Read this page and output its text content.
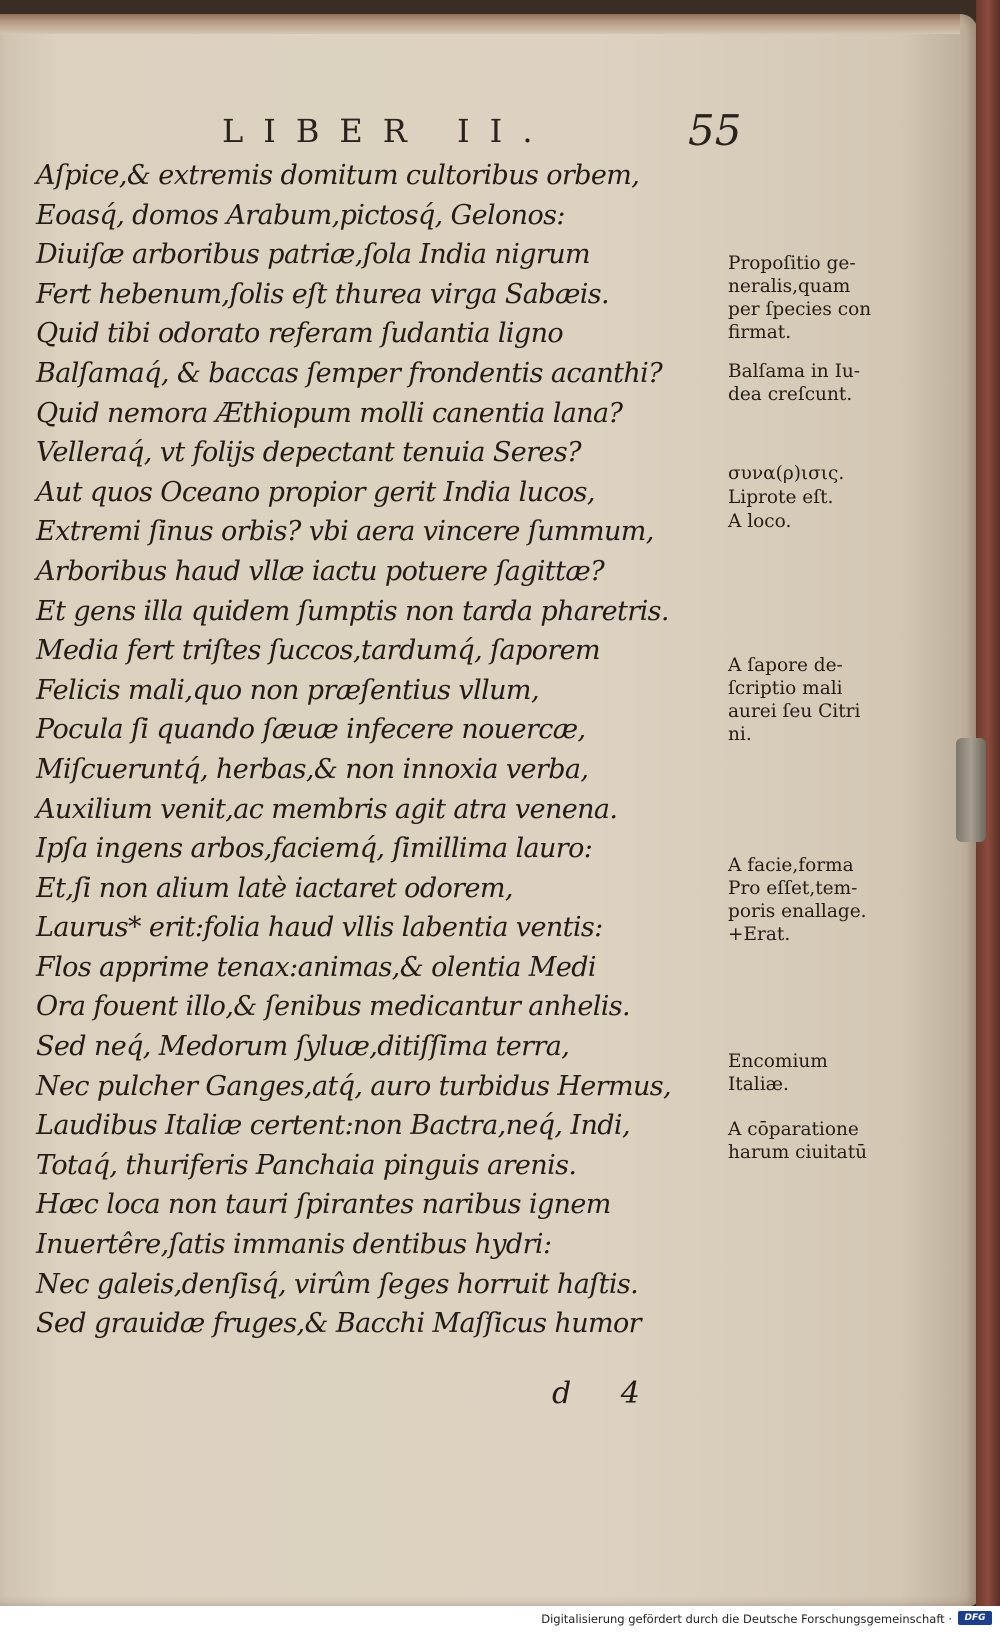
LIBER II.	55
Aſpice,& extremis domitum cultoribus orbem,
Eoasq́, domos Arabum,pictosq́, Gelonos:
Diuiſæ arboribus patriæ,ſola India nigrum
Fert hebenum,ſolis eſt thurea virga Sabæis.
Quid tibi odorato referam ſudantia ligno
Balſamaq́, & baccas ſemper frondentis acanthi?
Quid nemora Æthiopum molli canentia lana?
Velleraq́, vt folijs depectant tenuia Seres?
Aut quos Oceano propior gerit India lucos,
Extremi ſinus orbis? vbi aera vincere ſummum,
Arboribus haud vllæ iactu potuere ſagittæ?
Et gens illa quidem ſumptis non tarda pharetris.
Media fert triſtes ſuccos,tardumq́, ſaporem
Felicis mali,quo non præſentius vllum,
Pocula ſi quando ſæuæ infecere nouercæ,
Miſcueruntq́, herbas,& non innoxia verba,
Auxilium venit,ac membris agit atra venena.
Ipſa ingens arbos,faciemq́, ſimillima lauro:
Et,ſi non alium latè iactaret odorem,
Laurus* erit:folia haud vllis labentia ventis:
Flos apprime tenax:animas,& olentia Medi
Ora fouent illo,& ſenibus medicantur anhelis.
Sed neq́, Medorum ſyluæ,ditiſſima terra,
Nec pulcher Ganges,atq́, auro turbidus Hermus,
Laudibus Italiæ certent:non Bactra,neq́, Indi,
Totaq́, thuriferis Panchaia pinguis arenis.
Hæc loca non tauri ſpirantes naribus ignem
Inuertêre,ſatis immanis dentibus hydri:
Nec galeis,denſisq́, virûm ſeges horruit haſtis.
Sed grauidæ fruges,& Bacchi Maſſicus humor
d 4
Propoſitio ge-
neralis,quam
per ſpecies con
firmat.
Balſama in Iu-
dea creſcunt.
συνα(ρ)ισις.
Liprote eſt.
A loco.
A ſapore de-
ſcriptio mali
aurei ſeu Citri
ni.
A facie,forma
Pro eſſet,tem-
poris enallage.
+Erat.
Encomium
Italiæ.
A cōparatione
harum ciuitatū
Digitalisierung gefördert durch die Deutsche Forschungsgemeinschaft ·	DFG
